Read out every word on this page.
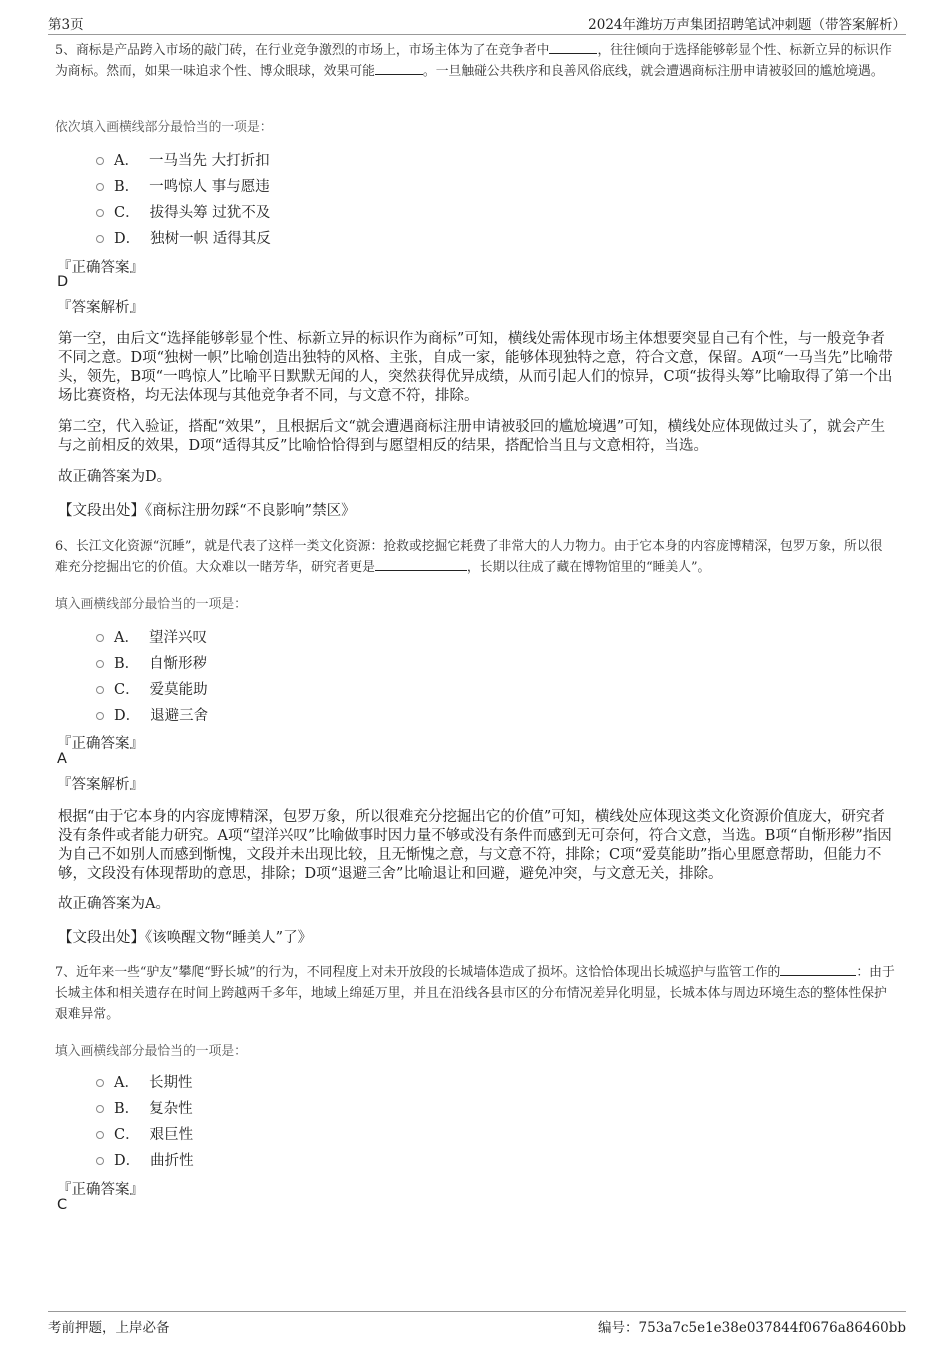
第3页	2024年潍坊万声集团招聘笔试冲刺题（带答案解析）
5、商标是产品跨入市场的敲门砖，在行业竞争激烈的市场上，市场主体为了在竞争者中	，往往倾向于选择能够彰显个性、标新立异的标识作为商标。然而，如果一味追求个性、博众眼球，效果可能	。一旦触碰公共秩序和良善风俗底线，就会遭遇商标注册申请被驳回的尴尬境遇。
依次填入画横线部分最恰当的一项是：
A． 一马当先 大打折扣
B． 一鸣惊人 事与愿违
C． 拔得头筹 过犹不及
D． 独树一帜 适得其反
『正确答案』
D
『答案解析』
第一空，由后文“选择能够彰显个性、标新立异的标识作为商标”可知，横线处需体现市场主体想要突显自己有个性，与一般竞争者不同之意。D项“独树一帜”比喻创造出独特的风格、主张，自成一家，能够体现独特之意，符合文意，保留。A项“一马当先”比喻带头，领先，B项“一鸣惊人”比喻平日默默无闻的人，突然获得优异成绩，从而引起人们的惊异，C项“拔得头筹”比喻取得了第一个出场比赛资格，均无法体现与其他竞争者不同，与文意不符，排除。
第二空，代入验证，搭配“效果”，且根据后文“就会遭遇商标注册申请被驳回的尴尬境遇”可知，横线处应体现做过头了，就会产生与之前相反的效果，D项“适得其反”比喻恰恰得到与愿望相反的结果，搭配恰当且与文意相符，当选。
故正确答案为D。
【文段出处】《商标注册勿踩“不良影响”禁区》
6、长江文化资源“沉睡”，就是代表了这样一类文化资源：抢救或挖掘它耗费了非常大的人力物力。由于它本身的内容庞博精深，包罗万象，所以很难充分挖掘出它的价值。大众难以一睹芳华，研究者更是	，长期以往成了藏在博物馆里的“睡美人”。
填入画横线部分最恰当的一项是：
A． 望洋兴叹
B． 自惭形秽
C． 爱莫能助
D． 退避三舍
『正确答案』
A
『答案解析』
根据“由于它本身的内容庞博精深，包罗万象，所以很难充分挖掘出它的价值”可知，横线处应体现这类文化资源价值庞大，研究者没有条件或者能力研究。A项“望洋兴叹”比喻做事时因力量不够或没有条件而感到无可奈何，符合文意，当选。B项“自惭形秽”指因为自己不如别人而感到惭愧，文段并未出现比较，且无惭愧之意，与文意不符，排除；C项“爱莫能助”指心里愿意帮助，但能力不够，文段没有体现帮助的意思，排除；D项“退避三舍”比喻退让和回避，避免冲突，与文意无关，排除。
故正确答案为A。
【文段出处】《该唤醒文物“睡美人”了》
7、近年来一些“驴友”攀爬“野长城”的行为，不同程度上对未开放段的长城墙体造成了损坏。这恰恰体现出长城巡护与监管工作的	：由于长城主体和相关遗存在时间上跨越两千多年，地域上绵延万里，并且在沿线各县市区的分布情况差异化明显，长城本体与周边环境生态的整体性保护艰难异常。
填入画横线部分最恰当的一项是：
A． 长期性
B． 复杂性
C． 艰巨性
D． 曲折性
『正确答案』
C
考前押题，上岸必备	编号：753a7c5e1e38e037844f0676a86460bb
